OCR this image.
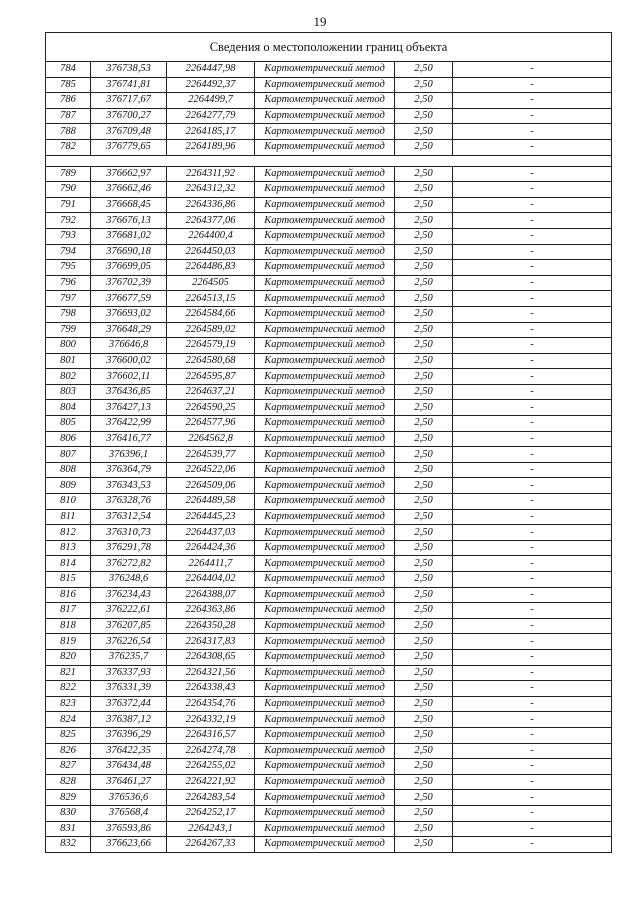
19
Сведения о местоположении границ объекта					
784	376738,53	2264447,98	Картометрический метод	2,50	-
785	376741,81	2264492,37	Картометрический метод	2,50	-
786	376717,67	2264499,7	Картометрический метод	2,50	-
787	376700,27	2264277,79	Картометрический метод	2,50	-
788	376709,48	2264185,17	Картометрический метод	2,50	-
782	376779,65	2264189,96	Картометрический метод	2,50	-

789	376662,97	2264311,92	Картометрический метод	2,50	-
790	376662,46	2264312,32	Картометрический метод	2,50	-
791	376668,45	2264336,86	Картометрический метод	2,50	-
792	376676,13	2264377,06	Картометрический метод	2,50	-
793	376681,02	2264400,4	Картометрический метод	2,50	-
794	376690,18	2264450,03	Картометрический метод	2,50	-
795	376699,05	2264486,83	Картометрический метод	2,50	-
796	376702,39	2264505	Картометрический метод	2,50	-
797	376677,59	2264513,15	Картометрический метод	2,50	-
798	376693,02	2264584,66	Картометрический метод	2,50	-
799	376648,29	2264589,02	Картометрический метод	2,50	-
800	376646,8	2264579,19	Картометрический метод	2,50	-
801	376600,02	2264580,68	Картометрический метод	2,50	-
802	376602,11	2264595,87	Картометрический метод	2,50	-
803	376436,85	2264637,21	Картометрический метод	2,50	-
804	376427,13	2264590,25	Картометрический метод	2,50	-
805	376422,99	2264577,96	Картометрический метод	2,50	-
806	376416,77	2264562,8	Картометрический метод	2,50	-
807	376396,1	2264539,77	Картометрический метод	2,50	-
808	376364,79	2264522,06	Картометрический метод	2,50	-
809	376343,53	2264509,06	Картометрический метод	2,50	-
810	376328,76	2264489,58	Картометрический метод	2,50	-
811	376312,54	2264445,23	Картометрический метод	2,50	-
812	376310,73	2264437,03	Картометрический метод	2,50	-
813	376291,78	2264424,36	Картометрический метод	2,50	-
814	376272,82	2264411,7	Картометрический метод	2,50	-
815	376248,6	2264404,02	Картометрический метод	2,50	-
816	376234,43	2264388,07	Картометрический метод	2,50	-
817	376222,61	2264363,86	Картометрический метод	2,50	-
818	376207,85	2264350,28	Картометрический метод	2,50	-
819	376226,54	2264317,83	Картометрический метод	2,50	-
820	376235,7	2264308,65	Картометрический метод	2,50	-
821	376337,93	2264321,56	Картометрический метод	2,50	-
822	376331,39	2264338,43	Картометрический метод	2,50	-
823	376372,44	2264354,76	Картометрический метод	2,50	-
824	376387,12	2264332,19	Картометрический метод	2,50	-
825	376396,29	2264316,57	Картометрический метод	2,50	-
826	376422,35	2264274,78	Картометрический метод	2,50	-
827	376434,48	2264255,02	Картометрический метод	2,50	-
828	376461,27	2264221,92	Картометрический метод	2,50	-
829	376536,6	2264283,54	Картометрический метод	2,50	-
830	376568,4	2264252,17	Картометрический метод	2,50	-
831	376593,86	2264243,1	Картометрический метод	2,50	-
832	376623,66	2264267,33	Картометрический метод	2,50	-
